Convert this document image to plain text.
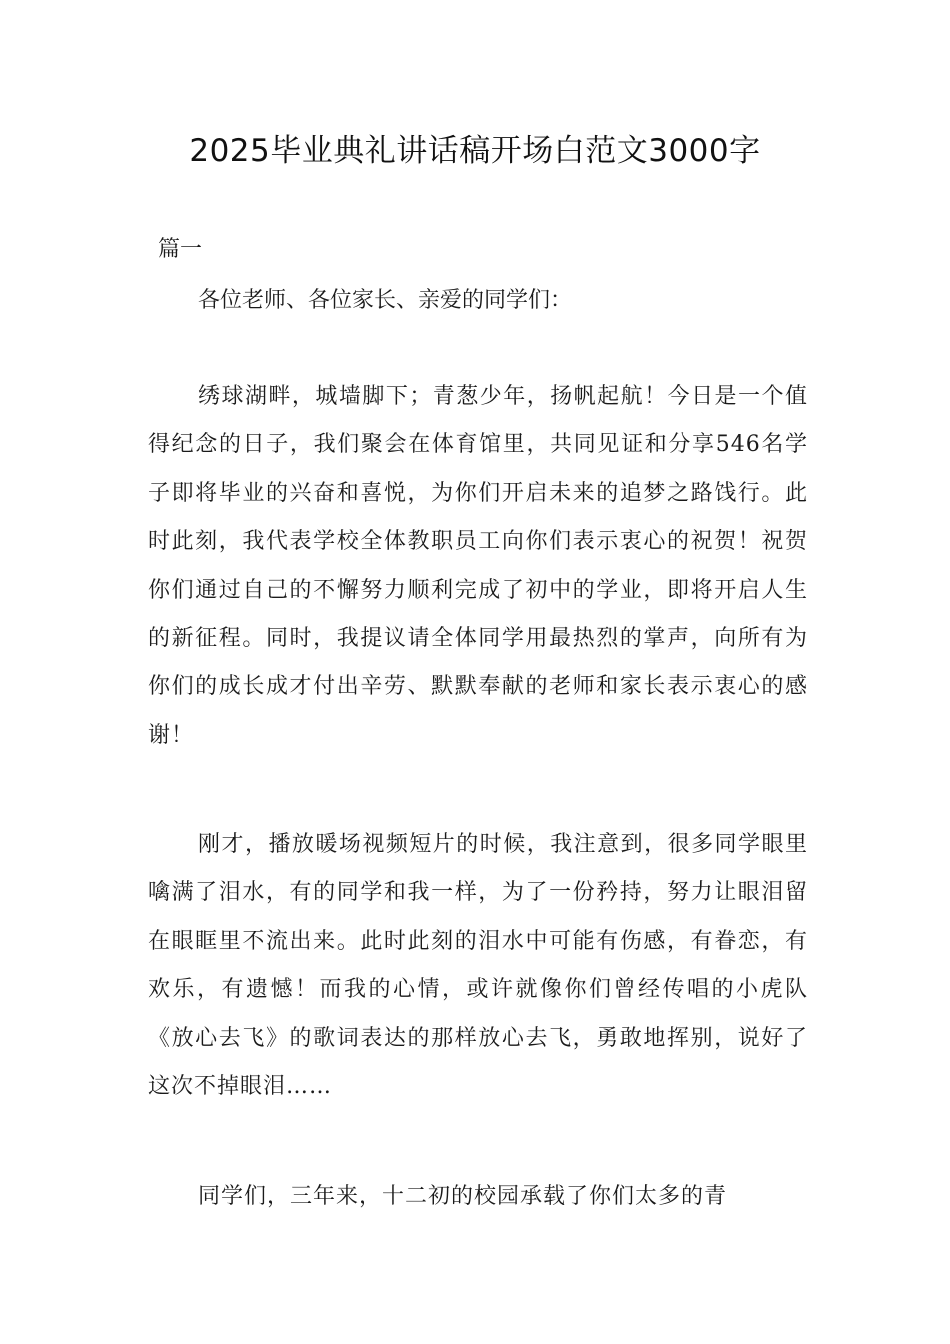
2025毕业典礼讲话稿开场白范文3000字
篇一
各位老师、各位家长、亲爱的同学们：

绣球湖畔，城墙脚下；青葱少年，扬帆起航！今日是一个值得纪念的日子，我们聚会在体育馆里，共同见证和分享546名学子即将毕业的兴奋和喜悦，为你们开启未来的追梦之路饯行。此时此刻，我代表学校全体教职员工向你们表示衷心的祝贺！祝贺你们通过自己的不懈努力顺利完成了初中的学业，即将开启人生的新征程。同时，我提议请全体同学用最热烈的掌声，向所有为你们的成长成才付出辛劳、默默奉献的老师和家长表示衷心的感谢！

刚才，播放暖场视频短片的时候，我注意到，很多同学眼里噙满了泪水，有的同学和我一样，为了一份矜持，努力让眼泪留在眼眶里不流出来。此时此刻的泪水中可能有伤感，有眷恋，有欢乐，有遗憾！而我的心情，或许就像你们曾经传唱的小虎队《放心去飞》的歌词表达的那样放心去飞，勇敢地挥别，说好了这次不掉眼泪……

同学们，三年来，十二初的校园承载了你们太多的青
